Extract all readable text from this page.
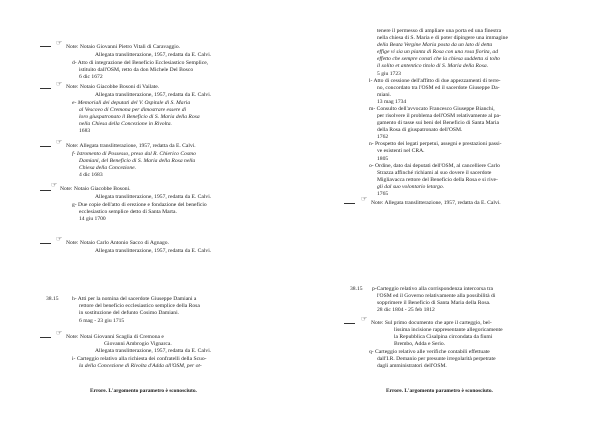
☞ Note: Notaio Giovanni Pietro Vitali di Caravaggio.
Allegata translitterazione, 1957, redatta da E. Calvi.
d- Atto di integrazione del Beneficio Ecclesiastico Semplice,
istituito dall'OSM, retto da don Michele Del Bosco
6 dic 1672
☞ Note: Notaio Giacobbe Bosoni di Vailate.
Allegata translitterazione, 1957, redatta da E. Calvi.
e- Memoriali dei deputati del V. Ospitale di S. Maria
al Vescovo di Cremona per dimostrare essere di
loro giuspatronato il Beneficio di S. Maria della Rosa
nella Chiesa della Concezione in Rivolta.
1683
☞ Note: Allegata translitterazione, 1957, redatta da E. Calvi.
f- Istromento di Possesso, preso dal R. Chierico Cosmo
Damiani, del Beneficio di S. Maria della Rosa nella
Chiesa della Concezione.
4 dic 1683
☞ Note: Notaio Giacobbe Bosoni.
Allegata translitterazione, 1957, redatta da E. Calvi.
g- Due copie dell'atto di erezione e fondazione del beneficio
ecclesiastico semplice detto di Santa Marta.
14 giu 1700
☞ Note: Notaio Carlo Antonio Sacco di Agnago.
Allegata translitterazione, 1957, redatta da E. Calvi.
38.15 h- Atti per la nomina del sacerdote Giuseppe Damiani a
rettore del beneficio ecclesiastico semplice della Rosa
in sostituzione del defunto Cosimo Damiani.
6 mag - 23 giu 1715
☞ Note: Notai Giovanni Scaglia di Cremona e
Giovanni Ambrogio Vignarca.
Allegata translitterazione, 1957, redatta da E. Calvi.
i- Carteggio relativo alla richiesta dei confratelli della Scuo-
la della Concezione di Rivolta d'Adda all'OSM, per ot-
Errore. L'argomento parametro è sconosciuto.
tenere il permesso di ampliare una porta ed una finestra
nella chiesa di S. Maria e di poter dipingere una immagine
della Beata Vergine Maria posta da un lato di detta
effige vi sia un pianta di Rosa con una rosa fiorita, ad
effetto che sempre consti che la chiesa suddetta si tolto
il solito et antentico titolo di S. Maria della Rosa.
5 giu 1723
l- Atto di cessione dell'affitto di due appezzamenti di terre-
no, concordato tra l'OSM ed il sacerdote Giuseppe Da-
miani.
13 mag 1734
m- Consulto dell'avvocato Francesco Giuseppe Bianchi,
per risolvere il problema dell'OSM relativamente al pa-
gamento di tasse sui beni del Beneficio di Santa Maria
della Rosa di giuspatronato dell'OSM.
1762
n- Prospetto dei legati perpetui, assegni e prestazioni passi-
ve esistenti nel CRA.
1805
o- Ordine, dato dai deputati dell'OSM, al cancelliere Carlo
Strazza affinché richiami al suo dovere il sacerdote
Migliavacca rettore del Beneficio della Rosa e si rive-
gli dal suo volontario letargo.
1765
☞ Note: Allegata translitterazione, 1957, redatta da E. Calvi.
38.15 p-Carteggio relativo alla corrispondenza intercorsa tra
l'OSM ed il Governo relativamente alla possibilità di
sopprimere il Beneficio di Santa Maria della Rosa.
28 dic 1804 - 25 feb 1812
☞ Note: Sul primo documento che apre il carteggio, bel-
lissima incisione rappresentante allegoricamente
la Repubblica Cisalpina circondata da fiumi
Brembo, Adda e Serio.
q- Carteggio relativo alle verifiche contabili effettuate
dall'I.R. Demanio per presunte irregolarità perpetrate
dagli amministratori dell'OSM.
Errore. L'argomento parametro è sconosciuto.
